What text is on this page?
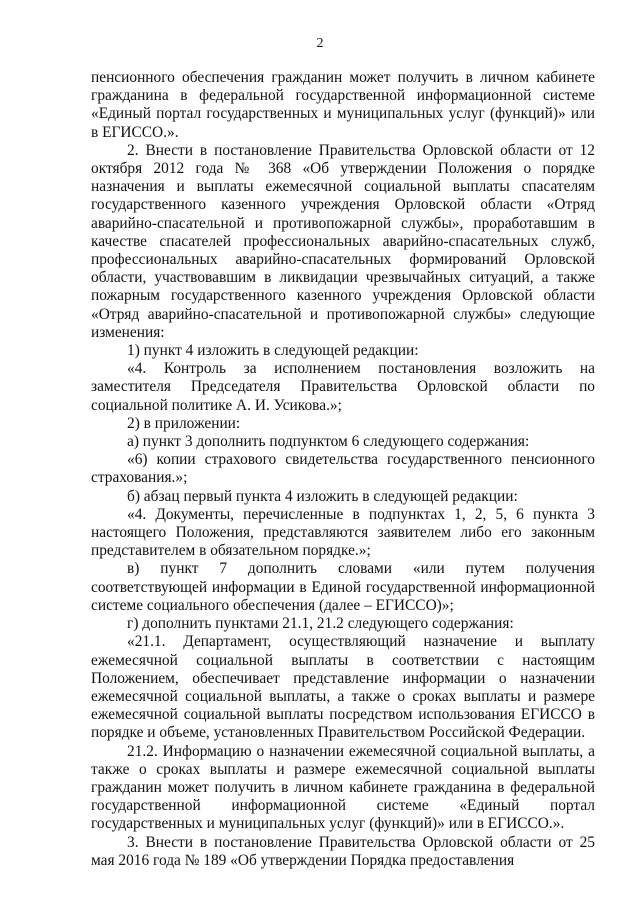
2

пенсионного обеспечения гражданин может получить в личном кабинете гражданина в федеральной государственной информационной системе «Единый портал государственных и муниципальных услуг (функций)» или в ЕГИССО.».

2. Внести в постановление Правительства Орловской области от 12 октября 2012 года № 368 «Об утверждении Положения о порядке назначения и выплаты ежемесячной социальной выплаты спасателям государственного казенного учреждения Орловской области «Отряд аварийно-спасательной и противопожарной службы», проработавшим в качестве спасателей профессиональных аварийно-спасательных служб, профессиональных аварийно-спасательных формирований Орловской области, участвовавшим в ликвидации чрезвычайных ситуаций, а также пожарным государственного казенного учреждения Орловской области «Отряд аварийно-спасательной и противопожарной службы» следующие изменения:

1) пункт 4 изложить в следующей редакции:

«4. Контроль за исполнением постановления возложить на заместителя Председателя Правительства Орловской области по социальной политике А. И. Усикова.»;

2) в приложении:

а) пункт 3 дополнить подпунктом 6 следующего содержания:

«6) копии страхового свидетельства государственного пенсионного страхования.»;

б) абзац первый пункта 4 изложить в следующей редакции:

«4. Документы, перечисленные в подпунктах 1, 2, 5, 6 пункта 3 настоящего Положения, представляются заявителем либо его законным представителем в обязательном порядке.»;

в) пункт 7 дополнить словами «или путем получения соответствующей информации в Единой государственной информационной системе социального обеспечения (далее – ЕГИССО)»;

г) дополнить пунктами 21.1, 21.2 следующего содержания:

«21.1. Департамент, осуществляющий назначение и выплату ежемесячной социальной выплаты в соответствии с настоящим Положением, обеспечивает представление информации о назначении ежемесячной социальной выплаты, а также о сроках выплаты и размере ежемесячной социальной выплаты посредством использования ЕГИССО в порядке и объеме, установленных Правительством Российской Федерации.

21.2. Информацию о назначении ежемесячной социальной выплаты, а также о сроках выплаты и размере ежемесячной социальной выплаты гражданин может получить в личном кабинете гражданина в федеральной государственной информационной системе «Единый портал государственных и муниципальных услуг (функций)» или в ЕГИССО.».

3. Внести в постановление Правительства Орловской области от 25 мая 2016 года № 189 «Об утверждении Порядка предоставления
